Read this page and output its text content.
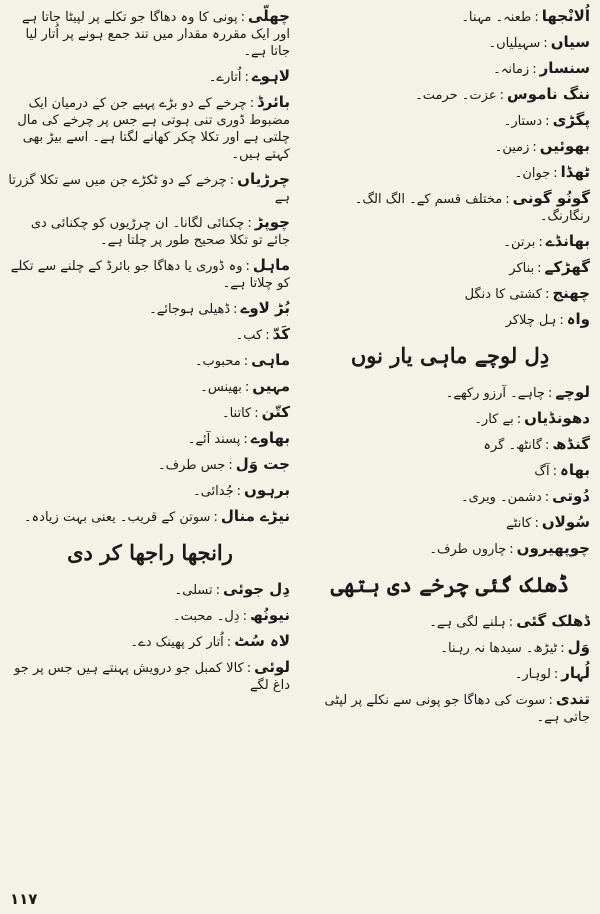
اُلانْجھا:طعنہ۔ مہنا۔
سیاں:سہیلیاں۔
سنسار:زمانہ۔
ننگ ناموس:عزت۔ حرمت۔
پگڑی:دستار۔
بھوئیں:زمین۔
ٹھڈا:جوان۔
گونُو گونی:مختلف قسم کے۔ الگ الگ۔ رنگارنگ۔
بھانڈے:برتن۔
گھڑکے:بناکر
چھنج:کشتی کا دنگل
واہ:ہل چلاکر
دِل لوچے ماہی یار نوں
لوچے:چاہے۔ آرزو رکھے۔
دھونڈیاں:بے کار۔
گنڈھ:گانٹھ۔ گرہ
بھاہ:آگ
دُوتی:دشمن۔ ویری۔
سُولاں:کانٹے
چوپھیروں:چاروں طرف۔
ڈھلک گئی چرخے دی ہتھی
ڈھلک گئی:ہلنے لگی ہے۔
وَل:ٹیڑھ۔ سیدھا نہ رہنا۔
لُہار:لوہار۔
تندی:سوت کی دھاگا جو پونی سے نکلے پر لپٹی جاتی ہے۔
چھلّی:پونی کا وہ دھاگا جو تکلے پر لپیٹا جاتا ہے اور ایک مقررہ مقدار میں تند جمع ہونے پر اُتار لیا جاتا ہے۔
لاہوے:اُتارے۔
بائرڈ:چرخے کے دو بڑے پہیے جن کے درمیان ایک مضبوط ڈوری تنی ہوتی ہے جس پر چرخے کی مال چلتی ہے اور تکلا چکر کھانے لگتا ہے۔ اسے بیڑ بھی کہتے ہیں۔
چرڑیاں:چرخے کے دو ٹکڑے جن میں سے تکلا گزرتا ہے
چوپڑ:چکنائی لگانا۔ ان چرڑیوں کو چکنائی دی جائے تو تکلا صحیح طور پر چلتا ہے۔
ماہل:وہ ڈوری یا دھاگا جو بائرڈ کے چلنے سے تکلے کو چلاتا ہے۔
بُڑ لاوے:ڈھیلی ہوجائے۔
کَدّ:کب۔
ماہی:محبوب۔
مہیں:بھینس۔
کتّن:کاتنا۔
بھاوے:پسند آئے۔
جت وَل:جس طرف۔
برہوں:جُدائی۔
نیڑے منال:سوتن کے قریب۔ یعنی بہت زیادہ۔
رانجھا راجھا کر دی
دِل جوئی:تسلی۔
نیونُھ:دِل۔ محبت۔
لاہ سُٹ:اُتار کر پھینک دے۔
لوئی:کالا کمبل جو درویش پہنتے ہیں جس پر جو داغ لگے
۱۱۷
